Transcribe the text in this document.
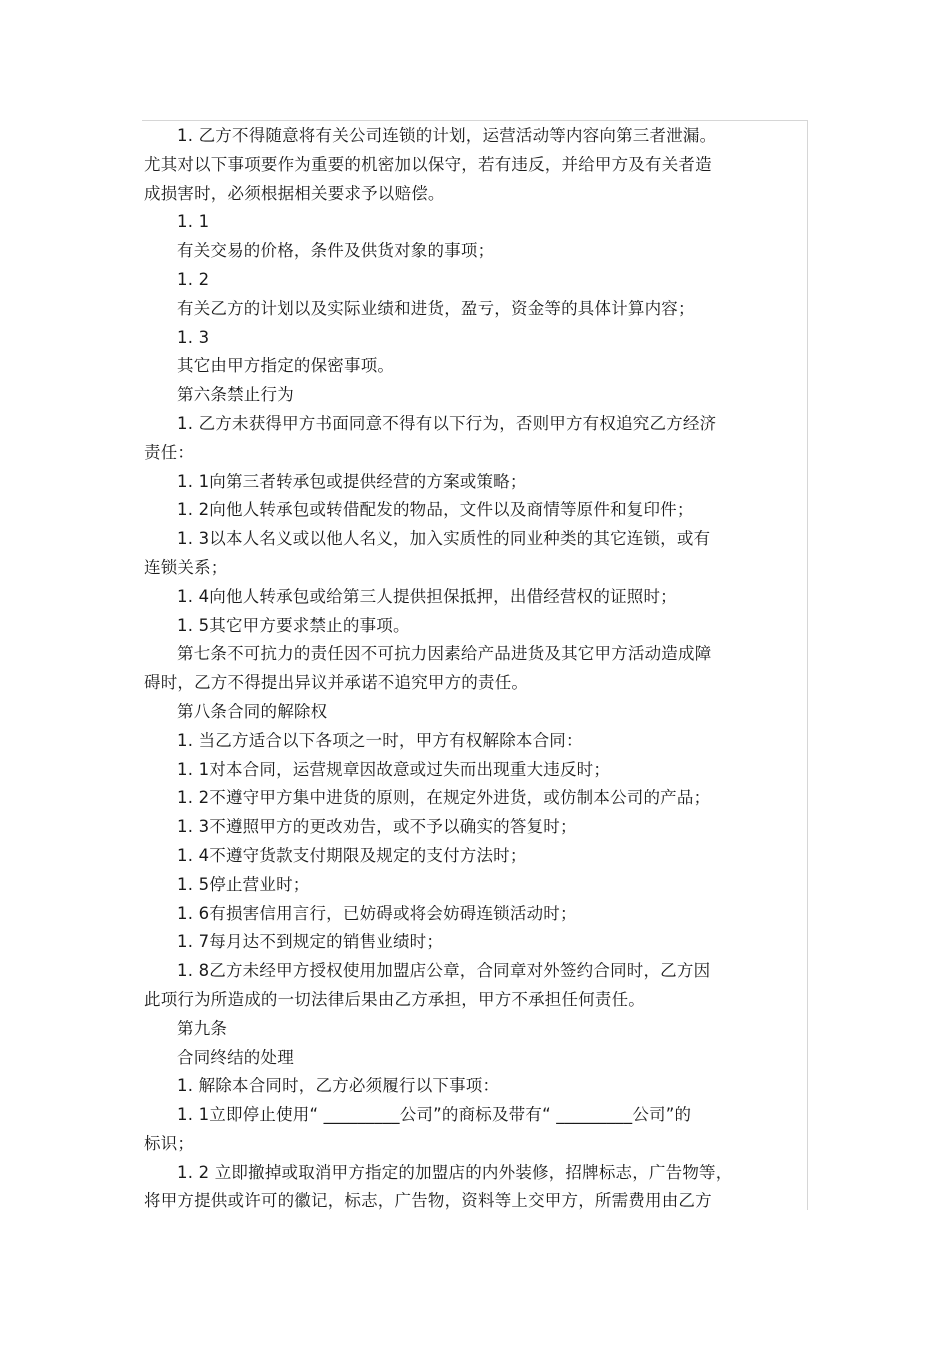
1. 乙方不得随意将有关公司连锁的计划，运营活动等内容向第三者泄漏。

尤其对以下事项要作为重要的机密加以保守，若有违反，并给甲方及有关者造

成损害时，必须根据相关要求予以赔偿。

1. 1

有关交易的价格，条件及供货对象的事项；

1. 2

有关乙方的计划以及实际业绩和进货，盈亏，资金等的具体计算内容；

1. 3

其它由甲方指定的保密事项。

第六条禁止行为

1. 乙方未获得甲方书面同意不得有以下行为，否则甲方有权追究乙方经济

责任：

1. 1向第三者转承包或提供经营的方案或策略；

1. 2向他人转承包或转借配发的物品，文件以及商情等原件和复印件；

1. 3以本人名义或以他人名义，加入实质性的同业种类的其它连锁，或有

连锁关系；

1. 4向他人转承包或给第三人提供担保抵押，出借经营权的证照时；

1. 5其它甲方要求禁止的事项。

第七条不可抗力的责任因不可抗力因素给产品进货及其它甲方活动造成障

碍时，乙方不得提出异议并承诺不追究甲方的责任。

第八条合同的解除权

1. 当乙方适合以下各项之一时，甲方有权解除本合同：

1. 1对本合同，运营规章因故意或过失而出现重大违反时；

1. 2不遵守甲方集中进货的原则，在规定外进货，或仿制本公司的产品；

1. 3不遵照甲方的更改劝告，或不予以确实的答复时；

1. 4不遵守货款支付期限及规定的支付方法时；

1. 5停止营业时；

1. 6有损害信用言行，已妨碍或将会妨碍连锁活动时；

1. 7每月达不到规定的销售业绩时；

1. 8乙方未经甲方授权使用加盟店公章，合同章对外签约合同时，乙方因

此项行为所造成的一切法律后果由乙方承担，甲方不承担任何责任。

第九条

合同终结的处理

1. 解除本合同时，乙方必须履行以下事项：

1. 1立即停止使用“ _________公司”的商标及带有“ _________公司”的

标识；

1. 2 立即撤掉或取消甲方指定的加盟店的内外装修，招牌标志，广告物等，

将甲方提供或许可的徽记，标志，广告物，资料等上交甲方，所需费用由乙方
